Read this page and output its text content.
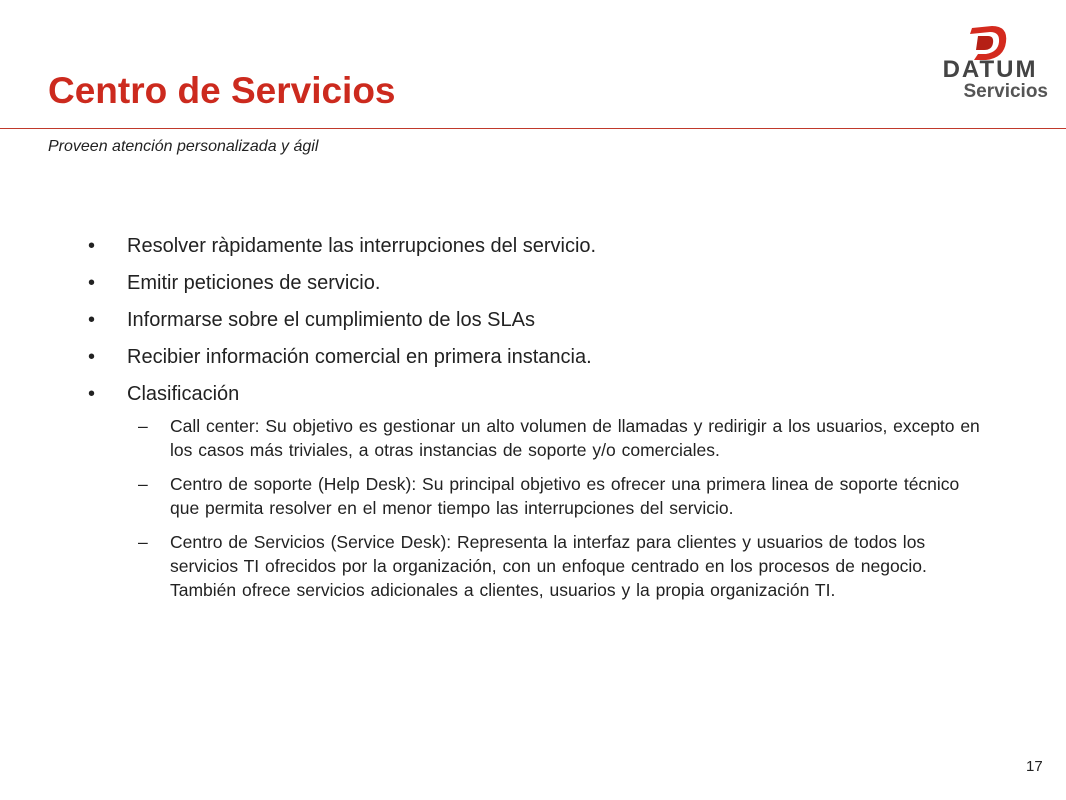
Centro de Servicios
DATUM
Servicios

Proveen atención personalizada y ágil

• Resolver ràpidamente las interrupciones del servicio.
• Emitir peticiones de servicio.
• Informarse sobre el cumplimiento de los SLAs
• Recibier información comercial en primera instancia.
• Clasificación
– Call center: Su objetivo es gestionar un alto volumen de llamadas y redirigir a los usuarios, excepto en los casos más triviales, a otras instancias de soporte y/o comerciales.
– Centro de soporte (Help Desk): Su principal objetivo es ofrecer una primera linea de soporte técnico que permita resolver en el menor tiempo las interrupciones del servicio.
– Centro de Servicios (Service Desk): Representa la interfaz para clientes y usuarios de todos los servicios TI ofrecidos por la organización, con un enfoque centrado en los procesos de negocio. También ofrece servicios adicionales a clientes, usuarios y la propia organización TI.
17
